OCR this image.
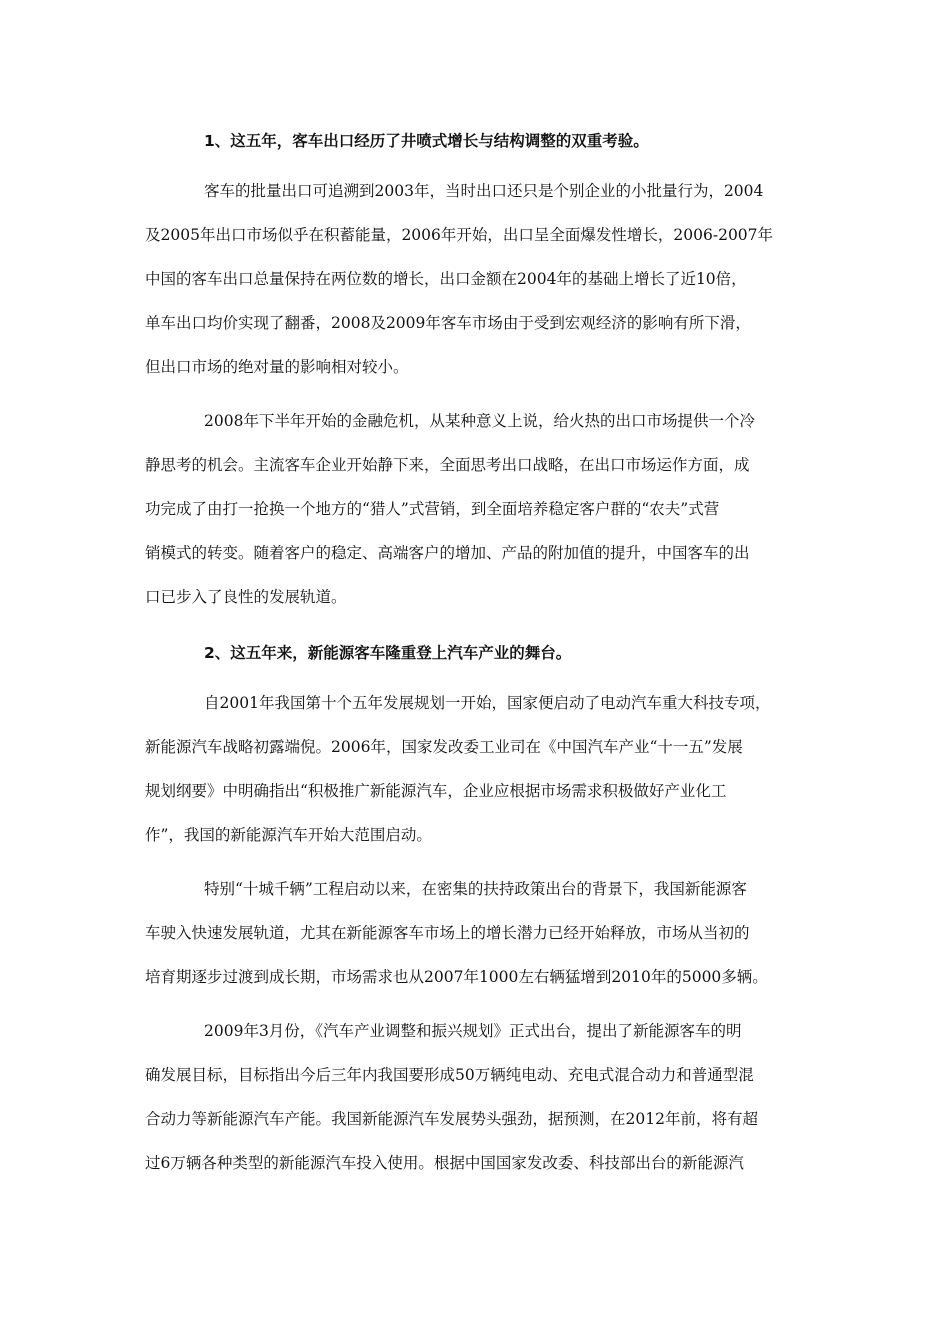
1、这五年，客车出口经历了井喷式增长与结构调整的双重考验。
客车的批量出口可追溯到2003年，当时出口还只是个别企业的小批量行为，2004
及2005年出口市场似乎在积蓄能量，2006年开始，出口呈全面爆发性增长，2006-2007年
中国的客车出口总量保持在两位数的增长，出口金额在2004年的基础上增长了近10倍，
单车出口均价实现了翻番，2008及2009年客车市场由于受到宏观经济的影响有所下滑，
但出口市场的绝对量的影响相对较小。
2008年下半年开始的金融危机，从某种意义上说，给火热的出口市场提供一个冷
静思考的机会。主流客车企业开始静下来，全面思考出口战略，在出口市场运作方面，成
功完成了由打一抢换一个地方的“猎人”式营销，到全面培养稳定客户群的“农夫”式营
销模式的转变。随着客户的稳定、高端客户的增加、产品的附加值的提升，中国客车的出
口已步入了良性的发展轨道。
2、这五年来，新能源客车隆重登上汽车产业的舞台。
自2001年我国第十个五年发展规划一开始，国家便启动了电动汽车重大科技专项，
新能源汽车战略初露端倪。2006年，国家发改委工业司在《中国汽车产业“十一五”发展
规划纲要》中明确指出“积极推广新能源汽车，企业应根据市场需求积极做好产业化工
作”，我国的新能源汽车开始大范围启动。
特别“十城千辆”工程启动以来，在密集的扶持政策出台的背景下，我国新能源客
车驶入快速发展轨道，尤其在新能源客车市场上的增长潜力已经开始释放，市场从当初的
培育期逐步过渡到成长期，市场需求也从2007年1000左右辆猛增到2010年的5000多辆。
2009年3月份，《汽车产业调整和振兴规划》正式出台，提出了新能源客车的明
确发展目标，目标指出今后三年内我国要形成50万辆纯电动、充电式混合动力和普通型混
合动力等新能源汽车产能。我国新能源汽车发展势头强劲，据预测，在2012年前，将有超
过6万辆各种类型的新能源汽车投入使用。根据中国国家发改委、科技部出台的新能源汽
